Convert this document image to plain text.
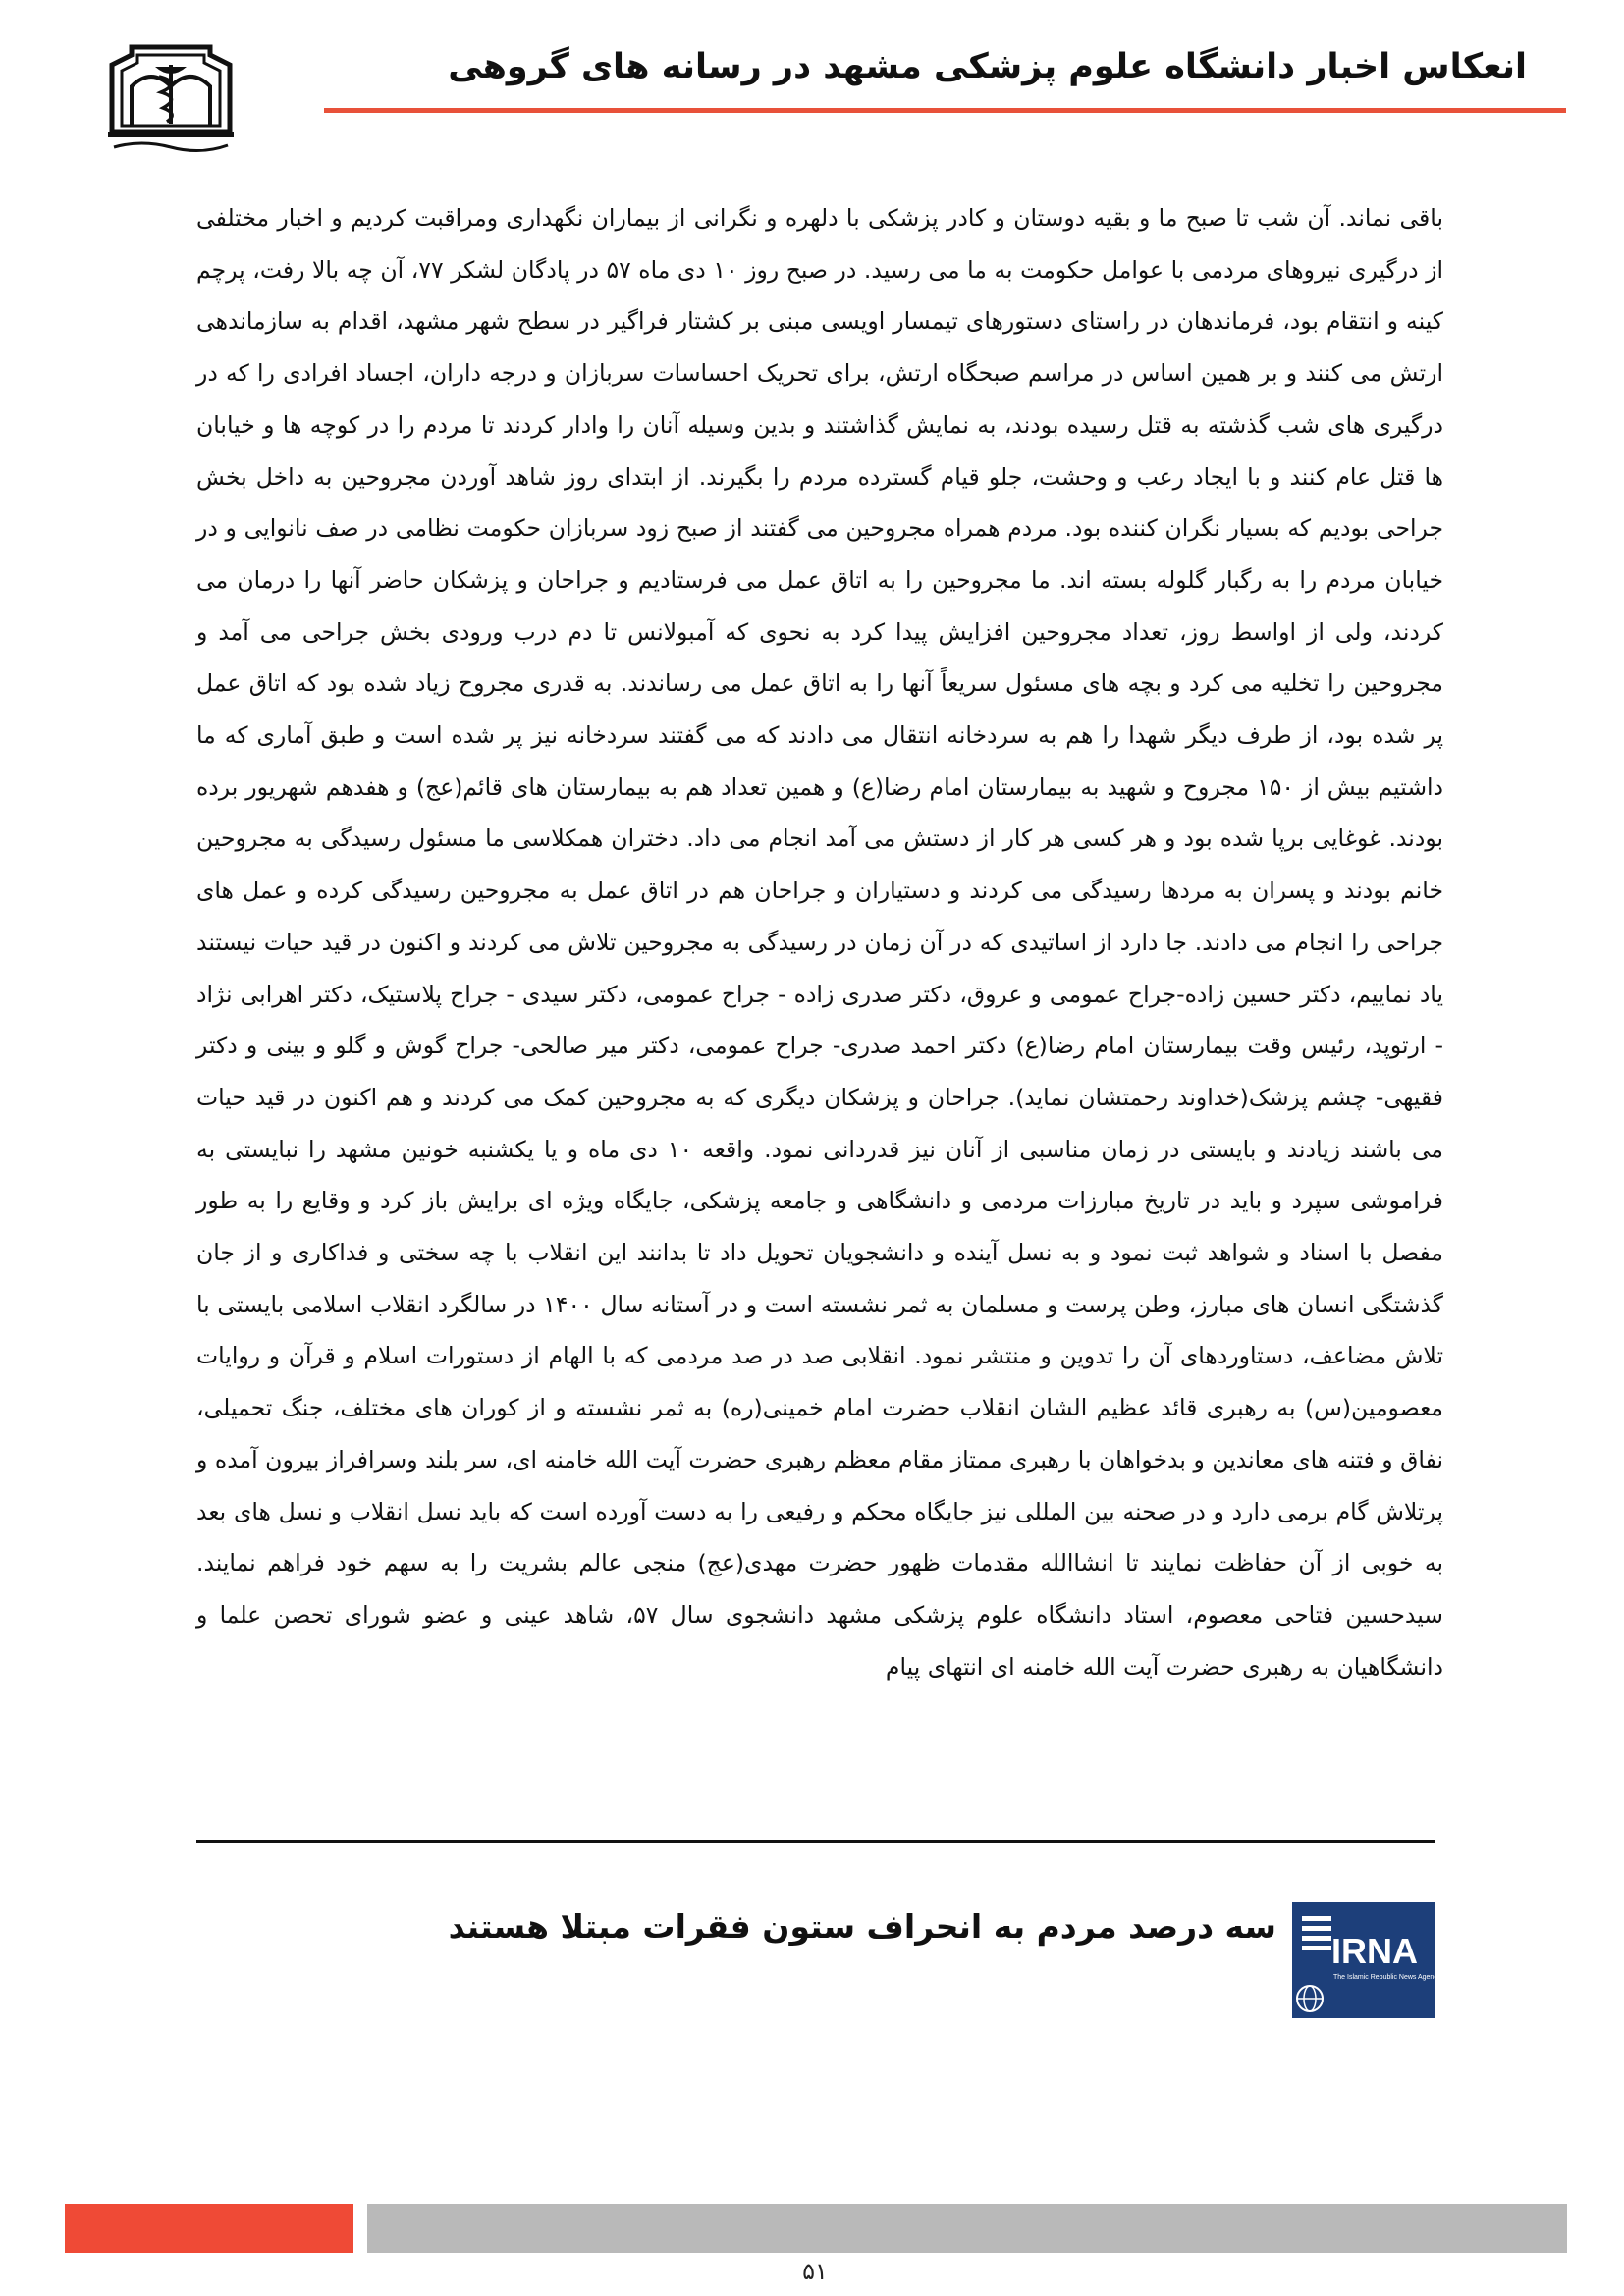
انعکاس اخبار دانشگاه علوم پزشکی مشهد در رسانه های گروهی

باقی نماند. آن شب تا صبح ما و بقیه دوستان و کادر پزشکی با دلهره و نگرانی از بیماران نگهداری ومراقبت کردیم و اخبار مختلفی از درگیری نیروهای مردمی با عوامل حکومت به ما می رسید. در صبح روز ۱۰ دی ماه ۵۷ در پادگان لشکر ۷۷، آن چه بالا رفت، پرچم کینه و انتقام بود، فرماندهان در راستای دستورهای تیمسار اویسی مبنی بر کشتار فراگیر در سطح شهر مشهد، اقدام به سازماندهی ارتش می کنند و بر همین اساس در مراسم صبحگاه ارتش، برای تحریک احساسات سربازان و درجه داران، اجساد افرادی را که در درگیری های شب گذشته به قتل رسیده بودند، به نمایش گذاشتند و بدین وسیله آنان را وادار کردند تا مردم را در کوچه ها و خیابان ها قتل عام کنند و با ایجاد رعب و وحشت، جلو قیام گسترده مردم را بگیرند. از ابتدای روز شاهد آوردن مجروحین به داخل بخش جراحی بودیم که بسیار نگران کننده بود. مردم همراه مجروحین می گفتند از صبح زود سربازان حکومت نظامی در صف نانوایی و در خیابان مردم را به رگبار گلوله بسته اند. ما مجروحین را به اتاق عمل می فرستادیم و جراحان و پزشکان حاضر آنها را درمان می کردند، ولی از اواسط روز، تعداد مجروحین افزایش پیدا کرد به نحوی که آمبولانس تا دم درب ورودی بخش جراحی می آمد و مجروحین را تخلیه می کرد و بچه های مسئول سریعاً آنها را به اتاق عمل می رساندند. به قدری مجروح زیاد شده بود که اتاق عمل پر شده بود، از طرف دیگر شهدا را هم به سردخانه انتقال می دادند که می گفتند سردخانه نیز پر شده است و طبق آماری که ما داشتیم بیش از ۱۵۰ مجروح و شهید به بیمارستان امام رضا(ع) و همین تعداد هم به بیمارستان های قائم(عج) و هفدهم شهریور برده بودند. غوغایی برپا شده بود و هر کسی هر کار از دستش می آمد انجام می داد. دختران همکلاسی ما مسئول رسیدگی به مجروحین خانم بودند و پسران به مردها رسیدگی می کردند و دستیاران و جراحان هم در اتاق عمل به مجروحین رسیدگی کرده و عمل های جراحی را انجام می دادند. جا دارد از اساتیدی که در آن زمان در رسیدگی به مجروحین تلاش می کردند و اکنون در قید حیات نیستند یاد نماییم، دکتر حسین زاده-جراح عمومی و عروق، دکتر صدری زاده - جراح عمومی، دکتر سیدی - جراح پلاستیک، دکتر اهرابی نژاد - ارتوپد، رئیس وقت بیمارستان امام رضا(ع) دکتر احمد صدری- جراح عمومی، دکتر میر صالحی- جراح گوش و گلو و بینی و دکتر فقیهی- چشم پزشک(خداوند رحمتشان نماید). جراحان و پزشکان دیگری که به مجروحین کمک می کردند و هم اکنون در قید حیات می باشند زیادند و بایستی در زمان مناسبی از آنان نیز قدردانی نمود. واقعه ۱۰ دی ماه و یا یکشنبه خونین مشهد را نبایستی به فراموشی سپرد و باید در تاریخ مبارزات مردمی و دانشگاهی و جامعه پزشکی، جایگاه ویژه ای برایش باز کرد و وقایع را به طور مفصل با اسناد و شواهد ثبت نمود و به نسل آینده و دانشجویان تحویل داد تا بدانند این انقلاب با چه سختی و فداکاری و از جان گذشتگی انسان های مبارز، وطن پرست و مسلمان به ثمر نشسته است و در آستانه سال ۱۴۰۰ در سالگرد انقلاب اسلامی بایستی با تلاش مضاعف، دستاوردهای آن را تدوین و منتشر نمود. انقلابی صد در صد مردمی که با الهام از دستورات اسلام و قرآن و روایات معصومین(س) به رهبری قائد عظیم الشان انقلاب حضرت امام خمینی(ره) به ثمر نشسته و از کوران های مختلف، جنگ تحمیلی، نفاق و فتنه های معاندین و بدخواهان با رهبری ممتاز مقام معظم رهبری حضرت آیت الله خامنه ای، سر بلند وسرافراز بیرون آمده و پرتلاش گام برمی دارد و در صحنه بین المللی نیز جایگاه محکم و رفیعی را به دست آورده است که باید نسل انقلاب و نسل های بعد به خوبی از آن حفاظت نمایند تا انشاالله مقدمات ظهور حضرت مهدی(عج) منجی عالم بشریت را به سهم خود فراهم نمایند. سیدحسین فتاحی معصوم، استاد دانشگاه علوم پزشکی مشهد دانشجوی سال ۵۷، شاهد عینی و عضو شورای تحصن علما و دانشگاهیان به رهبری حضرت آیت الله خامنه ای انتهای پیام

سه درصد مردم به انحراف ستون فقرات مبتلا هستند
IRNA
The Islamic Republic News Agency
۵۱
